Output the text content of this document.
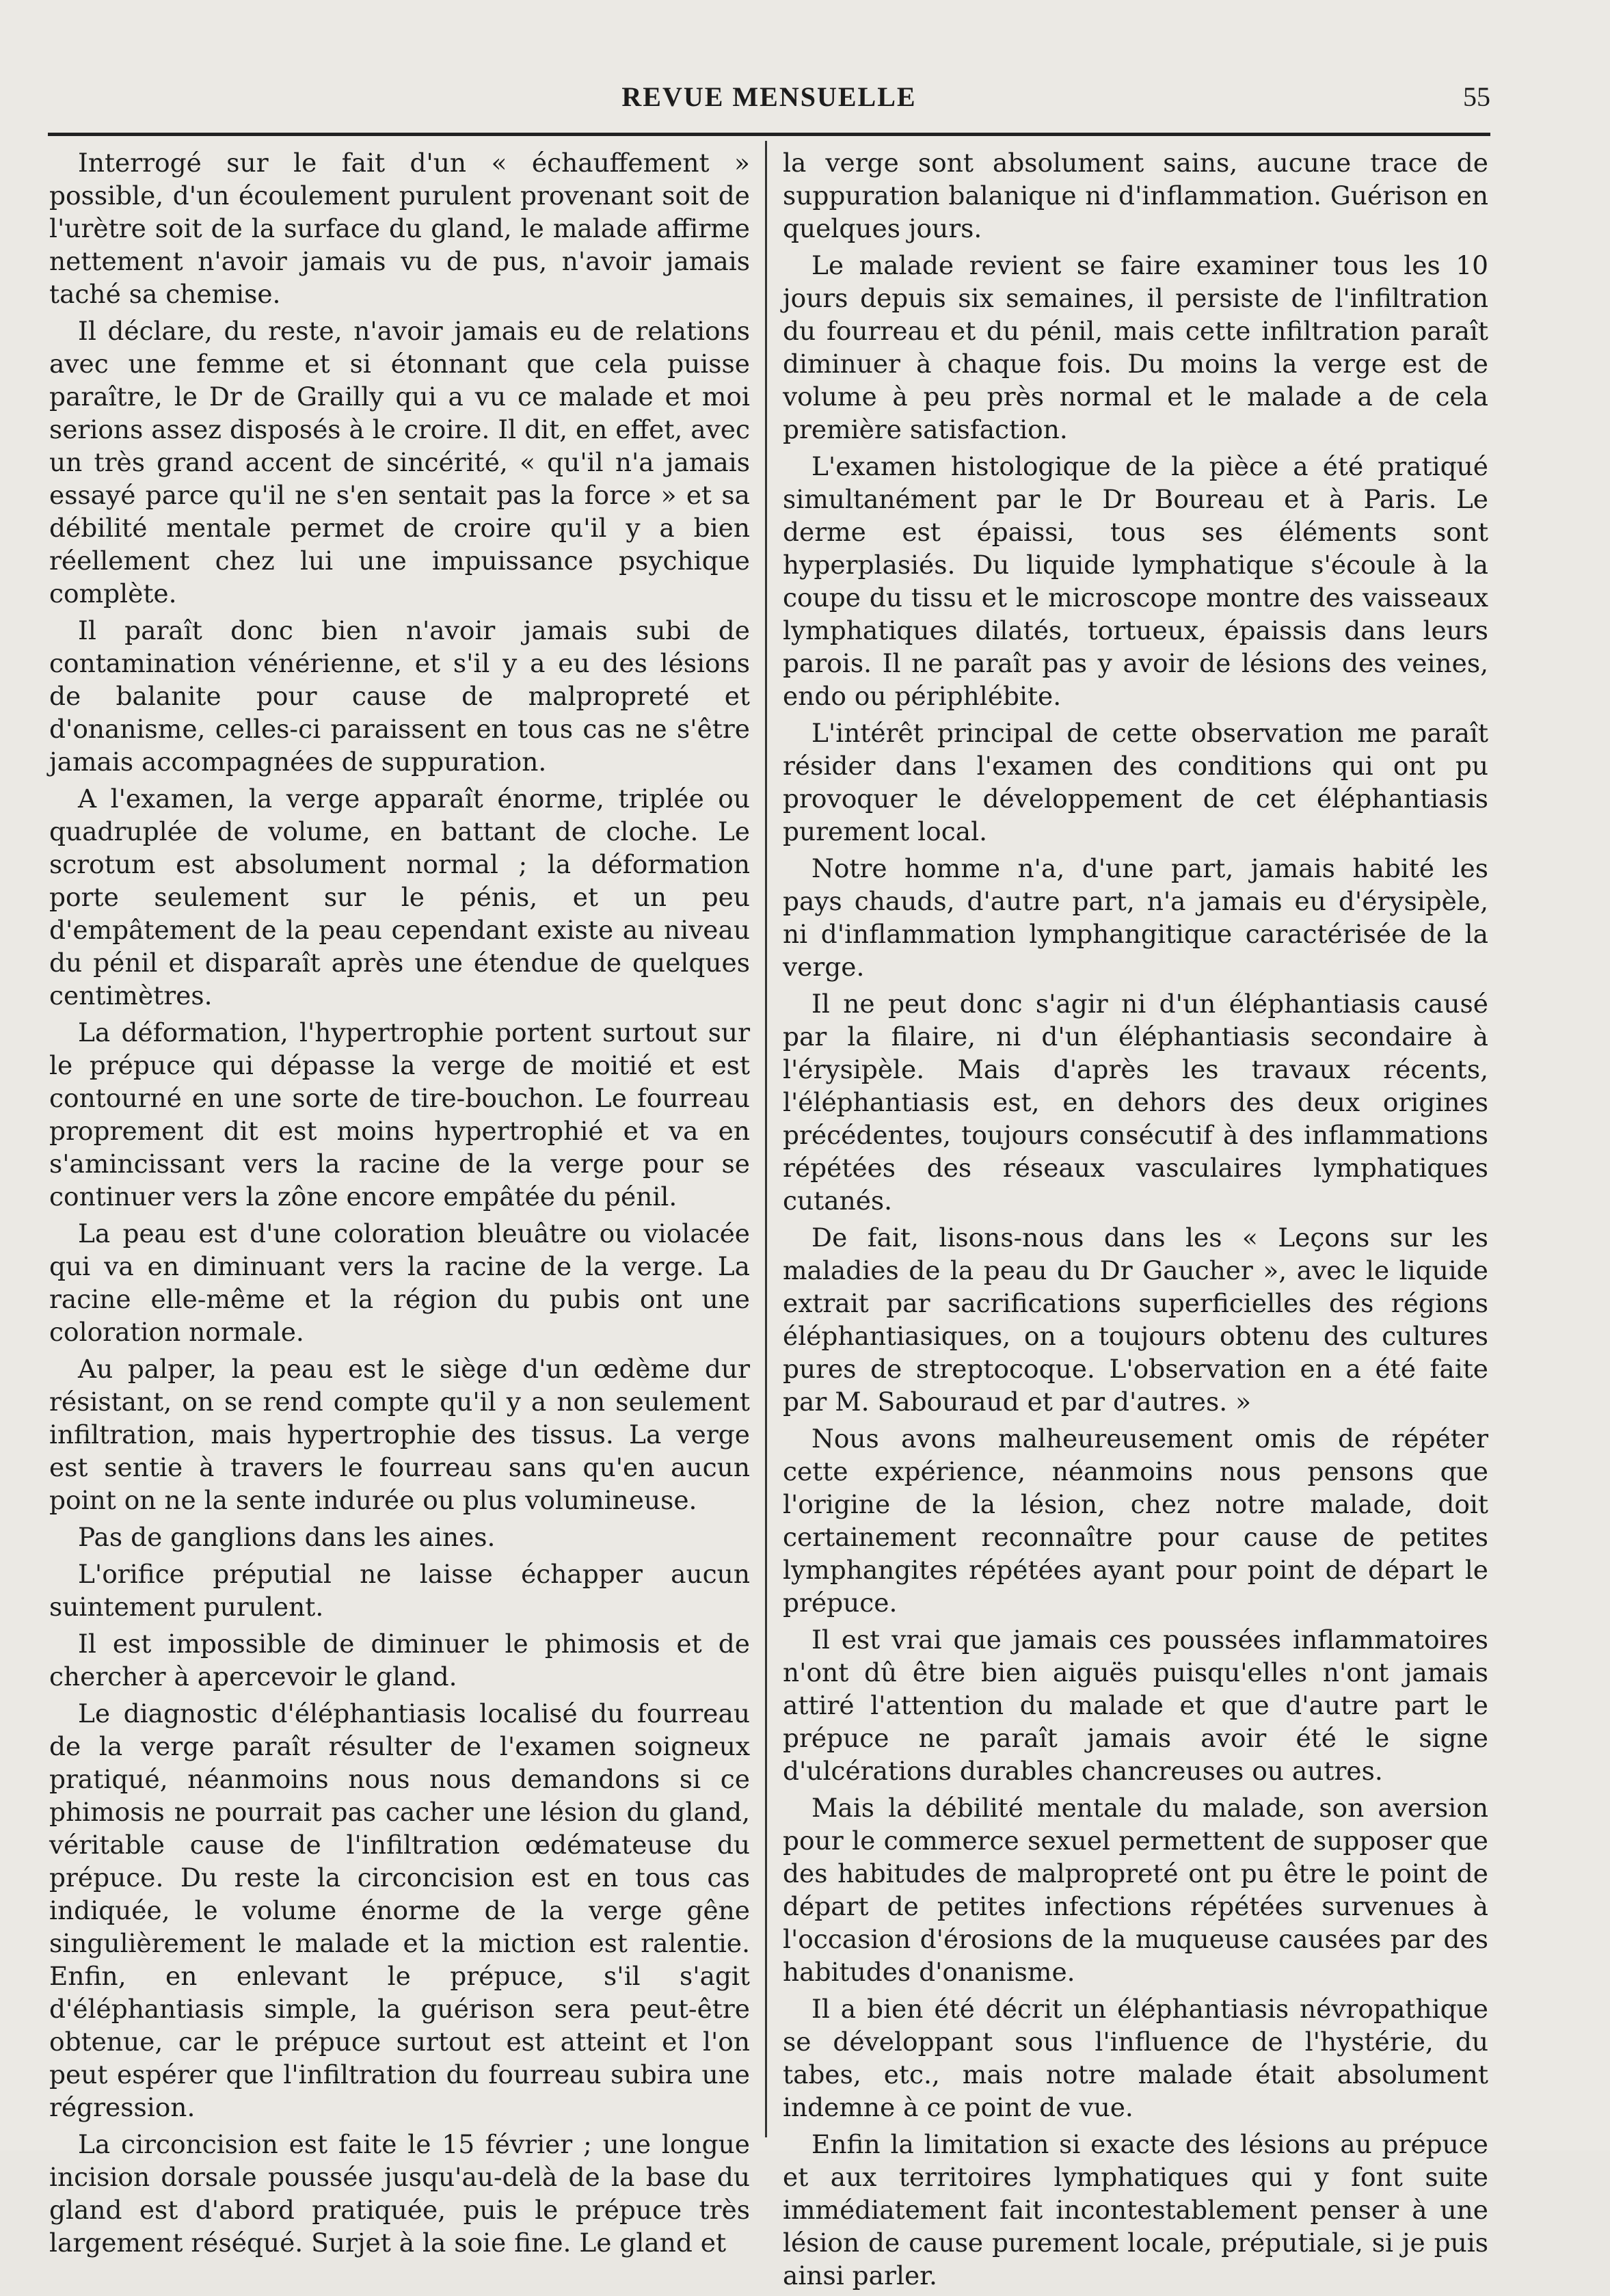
REVUE MENSUELLE	55

Interrogé sur le fait d'un « échauffement » possible, d'un écoulement purulent provenant soit de l'urètre soit de la surface du gland, le malade affirme nettement n'avoir jamais vu de pus, n'avoir jamais taché sa chemise.

Il déclare, du reste, n'avoir jamais eu de relations avec une femme et si étonnant que cela puisse paraître, le Dr de Grailly qui a vu ce malade et moi serions assez disposés à le croire. Il dit, en effet, avec un très grand accent de sincérité, « qu'il n'a jamais essayé parce qu'il ne s'en sentait pas la force » et sa débilité mentale permet de croire qu'il y a bien réellement chez lui une impuissance psychique complète.

Il paraît donc bien n'avoir jamais subi de contamination vénérienne, et s'il y a eu des lésions de balanite pour cause de malpropreté et d'onanisme, celles-ci paraissent en tous cas ne s'être jamais accompagnées de suppuration.

A l'examen, la verge apparaît énorme, triplée ou quadruplée de volume, en battant de cloche. Le scrotum est absolument normal ; la déformation porte seulement sur le pénis, et un peu d'empâtement de la peau cependant existe au niveau du pénil et disparaît après une étendue de quelques centimètres.

La déformation, l'hypertrophie portent surtout sur le prépuce qui dépasse la verge de moitié et est contourné en une sorte de tire-bouchon. Le fourreau proprement dit est moins hypertrophié et va en s'amincissant vers la racine de la verge pour se continuer vers la zône encore empâtée du pénil.

La peau est d'une coloration bleuâtre ou violacée qui va en diminuant vers la racine de la verge. La racine elle-même et la région du pubis ont une coloration normale.

Au palper, la peau est le siège d'un œdème dur résistant, on se rend compte qu'il y a non seulement infiltration, mais hypertrophie des tissus. La verge est sentie à travers le fourreau sans qu'en aucun point on ne la sente indurée ou plus volumineuse.

Pas de ganglions dans les aines.

L'orifice préputial ne laisse échapper aucun suintement purulent.

Il est impossible de diminuer le phimosis et de chercher à apercevoir le gland.

Le diagnostic d'éléphantiasis localisé du fourreau de la verge paraît résulter de l'examen soigneux pratiqué, néanmoins nous nous demandons si ce phimosis ne pourrait pas cacher une lésion du gland, véritable cause de l'infiltration œdémateuse du prépuce. Du reste la circoncision est en tous cas indiquée, le volume énorme de la verge gêne singulièrement le malade et la miction est ralentie. Enfin, en enlevant le prépuce, s'il s'agit d'éléphantiasis simple, la guérison sera peut-être obtenue, car le prépuce surtout est atteint et l'on peut espérer que l'infiltration du fourreau subira une régression.

La circoncision est faite le 15 février ; une longue incision dorsale poussée jusqu'au-delà de la base du gland est d'abord pratiquée, puis le prépuce très largement réséqué. Surjet à la soie fine. Le gland et

la verge sont absolument sains, aucune trace de suppuration balanique ni d'inflammation. Guérison en quelques jours.

Le malade revient se faire examiner tous les 10 jours depuis six semaines, il persiste de l'infiltration du fourreau et du pénil, mais cette infiltration paraît diminuer à chaque fois. Du moins la verge est de volume à peu près normal et le malade a de cela première satisfaction.

L'examen histologique de la pièce a été pratiqué simultanément par le Dr Boureau et à Paris. Le derme est épaissi, tous ses éléments sont hyperplasiés. Du liquide lymphatique s'écoule à la coupe du tissu et le microscope montre des vaisseaux lymphatiques dilatés, tortueux, épaissis dans leurs parois. Il ne paraît pas y avoir de lésions des veines, endo ou périphlébite.

L'intérêt principal de cette observation me paraît résider dans l'examen des conditions qui ont pu provoquer le développement de cet éléphantiasis purement local.

Notre homme n'a, d'une part, jamais habité les pays chauds, d'autre part, n'a jamais eu d'érysipèle, ni d'inflammation lymphangitique caractérisée de la verge.

Il ne peut donc s'agir ni d'un éléphantiasis causé par la filaire, ni d'un éléphantiasis secondaire à l'érysipèle. Mais d'après les travaux récents, l'éléphantiasis est, en dehors des deux origines précédentes, toujours consécutif à des inflammations répétées des réseaux vasculaires lymphatiques cutanés.

De fait, lisons-nous dans les « Leçons sur les maladies de la peau du Dr Gaucher », avec le liquide extrait par sacrifications superficielles des régions éléphantiasiques, on a toujours obtenu des cultures pures de streptocoque. L'observation en a été faite par M. Sabouraud et par d'autres. »

Nous avons malheureusement omis de répéter cette expérience, néanmoins nous pensons que l'origine de la lésion, chez notre malade, doit certainement reconnaître pour cause de petites lymphangites répétées ayant pour point de départ le prépuce.

Il est vrai que jamais ces poussées inflammatoires n'ont dû être bien aiguës puisqu'elles n'ont jamais attiré l'attention du malade et que d'autre part le prépuce ne paraît jamais avoir été le signe d'ulcérations durables chancreuses ou autres.

Mais la débilité mentale du malade, son aversion pour le commerce sexuel permettent de supposer que des habitudes de malpropreté ont pu être le point de départ de petites infections répétées survenues à l'occasion d'érosions de la muqueuse causées par des habitudes d'onanisme.

Il a bien été décrit un éléphantiasis névropathique se développant sous l'influence de l'hystérie, du tabes, etc., mais notre malade était absolument indemne à ce point de vue.

Enfin la limitation si exacte des lésions au prépuce et aux territoires lymphatiques qui y font suite immédiatement fait incontestablement penser à une lésion de cause purement locale, préputiale, si je puis ainsi parler.
